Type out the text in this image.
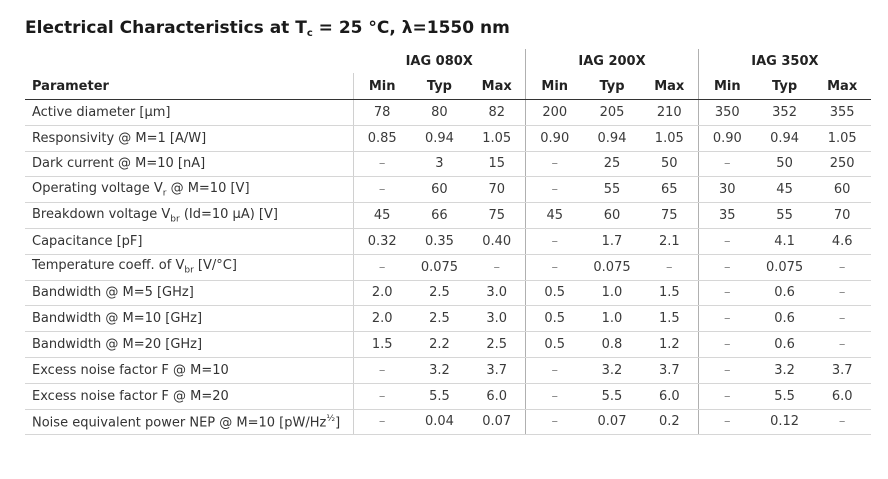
Electrical Characteristics at $T_c = 25$ °C, λ=1550 nm
	IAG 080X			IAG 200X			IAG 350X		
Parameter	Min	Typ	Max	Min	Typ	Max	Min	Typ	Max
Active diameter [µm]	78	80	82	200	205	210	350	352	355
Responsivity @ M=1 [A/W]	0.85	0.94	1.05	0.90	0.94	1.05	0.90	0.94	1.05
Dark current @ M=10 [nA]	–	3	15	–	25	50	–	50	250
Operating voltage $V_r$ @ M=10 [V]	–	60	70	–	55	65	30	45	60
Breakdown voltage $V_{br}$ (Id=10 µA) [V]	45	66	75	45	60	75	35	55	70
Capacitance [pF]	0.32	0.35	0.40	–	1.7	2.1	–	4.1	4.6
Temperature coeff. of $V_{br}$ [V/°C]	–	0.075	–	–	0.075	–	–	0.075	–
Bandwidth @ M=5 [GHz]	2.0	2.5	3.0	0.5	1.0	1.5	–	0.6	–
Bandwidth @ M=10 [GHz]	2.0	2.5	3.0	0.5	1.0	1.5	–	0.6	–
Bandwidth @ M=20 [GHz]	1.5	2.2	2.5	0.5	0.8	1.2	–	0.6	–
Excess noise factor F @ M=10	–	3.2	3.7	–	3.2	3.7	–	3.2	3.7
Excess noise factor F @ M=20	–	5.5	6.0	–	5.5	6.0	–	5.5	6.0
Noise equivalent power NEP @ M=10 $[pW/Hz^{\frac{1}{2}}]$	–	0.04	0.07	–	0.07	0.2	–	0.12	–
